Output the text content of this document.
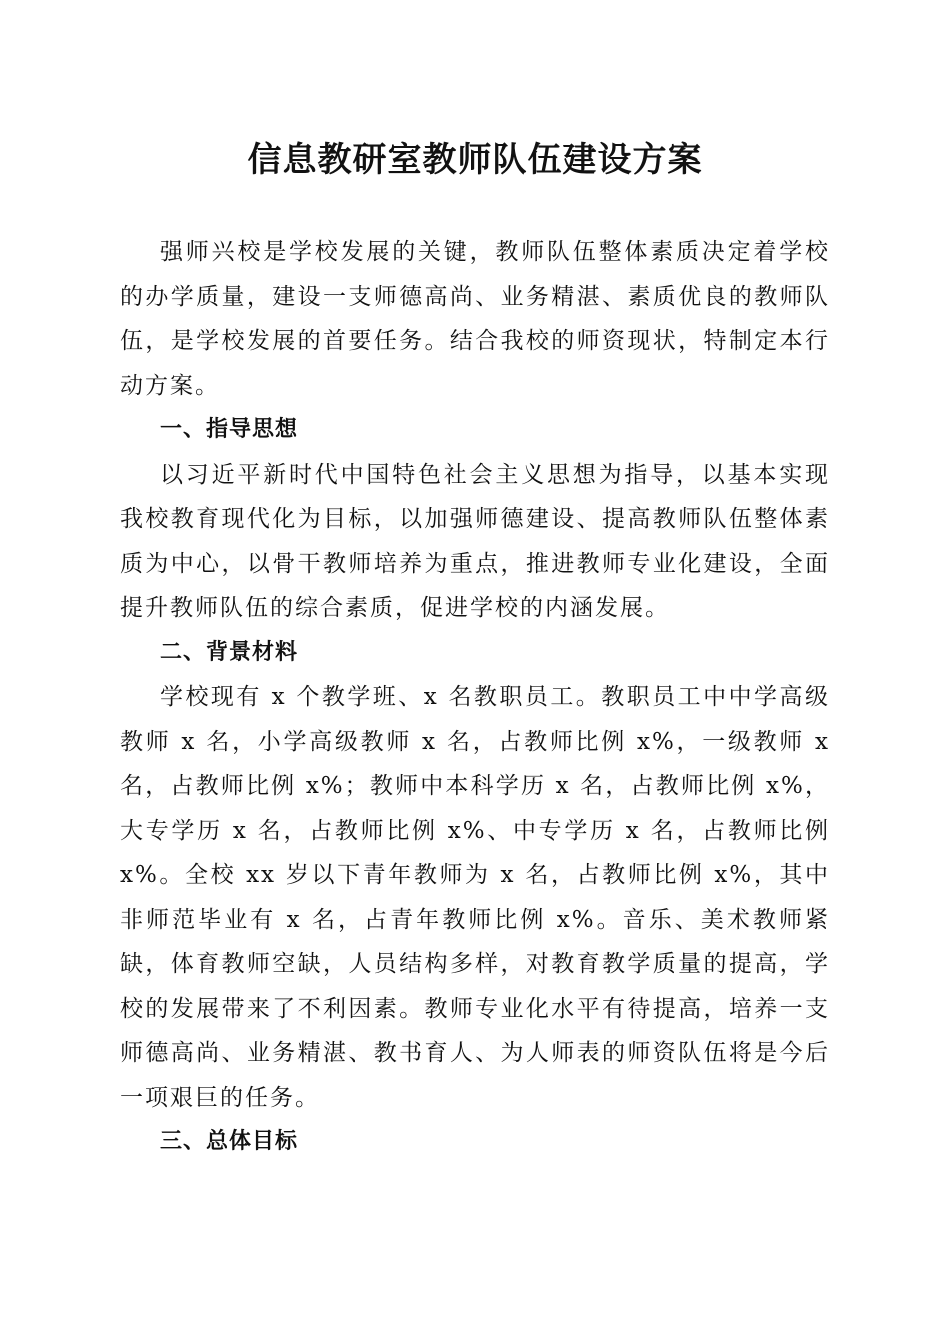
信息教研室教师队伍建设方案

强师兴校是学校发展的关键，教师队伍整体素质决定着学校的办学质量，建设一支师德高尚、业务精湛、素质优良的教师队伍，是学校发展的首要任务。结合我校的师资现状，特制定本行动方案。

一、指导思想

以习近平新时代中国特色社会主义思想为指导，以基本实现我校教育现代化为目标，以加强师德建设、提高教师队伍整体素质为中心，以骨干教师培养为重点，推进教师专业化建设，全面提升教师队伍的综合素质，促进学校的内涵发展。

二、背景材料

学校现有 x 个教学班、x 名教职员工。教职员工中中学高级教师 x 名，小学高级教师 x 名，占教师比例 x%，一级教师 x 名，占教师比例 x%；教师中本科学历 x 名，占教师比例 x%，大专学历 x 名，占教师比例 x%、中专学历 x 名，占教师比例 x%。全校 xx 岁以下青年教师为 x 名，占教师比例 x%，其中非师范毕业有 x 名，占青年教师比例 x%。音乐、美术教师紧缺，体育教师空缺，人员结构多样，对教育教学质量的提高，学校的发展带来了不利因素。教师专业化水平有待提高，培养一支师德高尚、业务精湛、教书育人、为人师表的师资队伍将是今后一项艰巨的任务。

三、总体目标
